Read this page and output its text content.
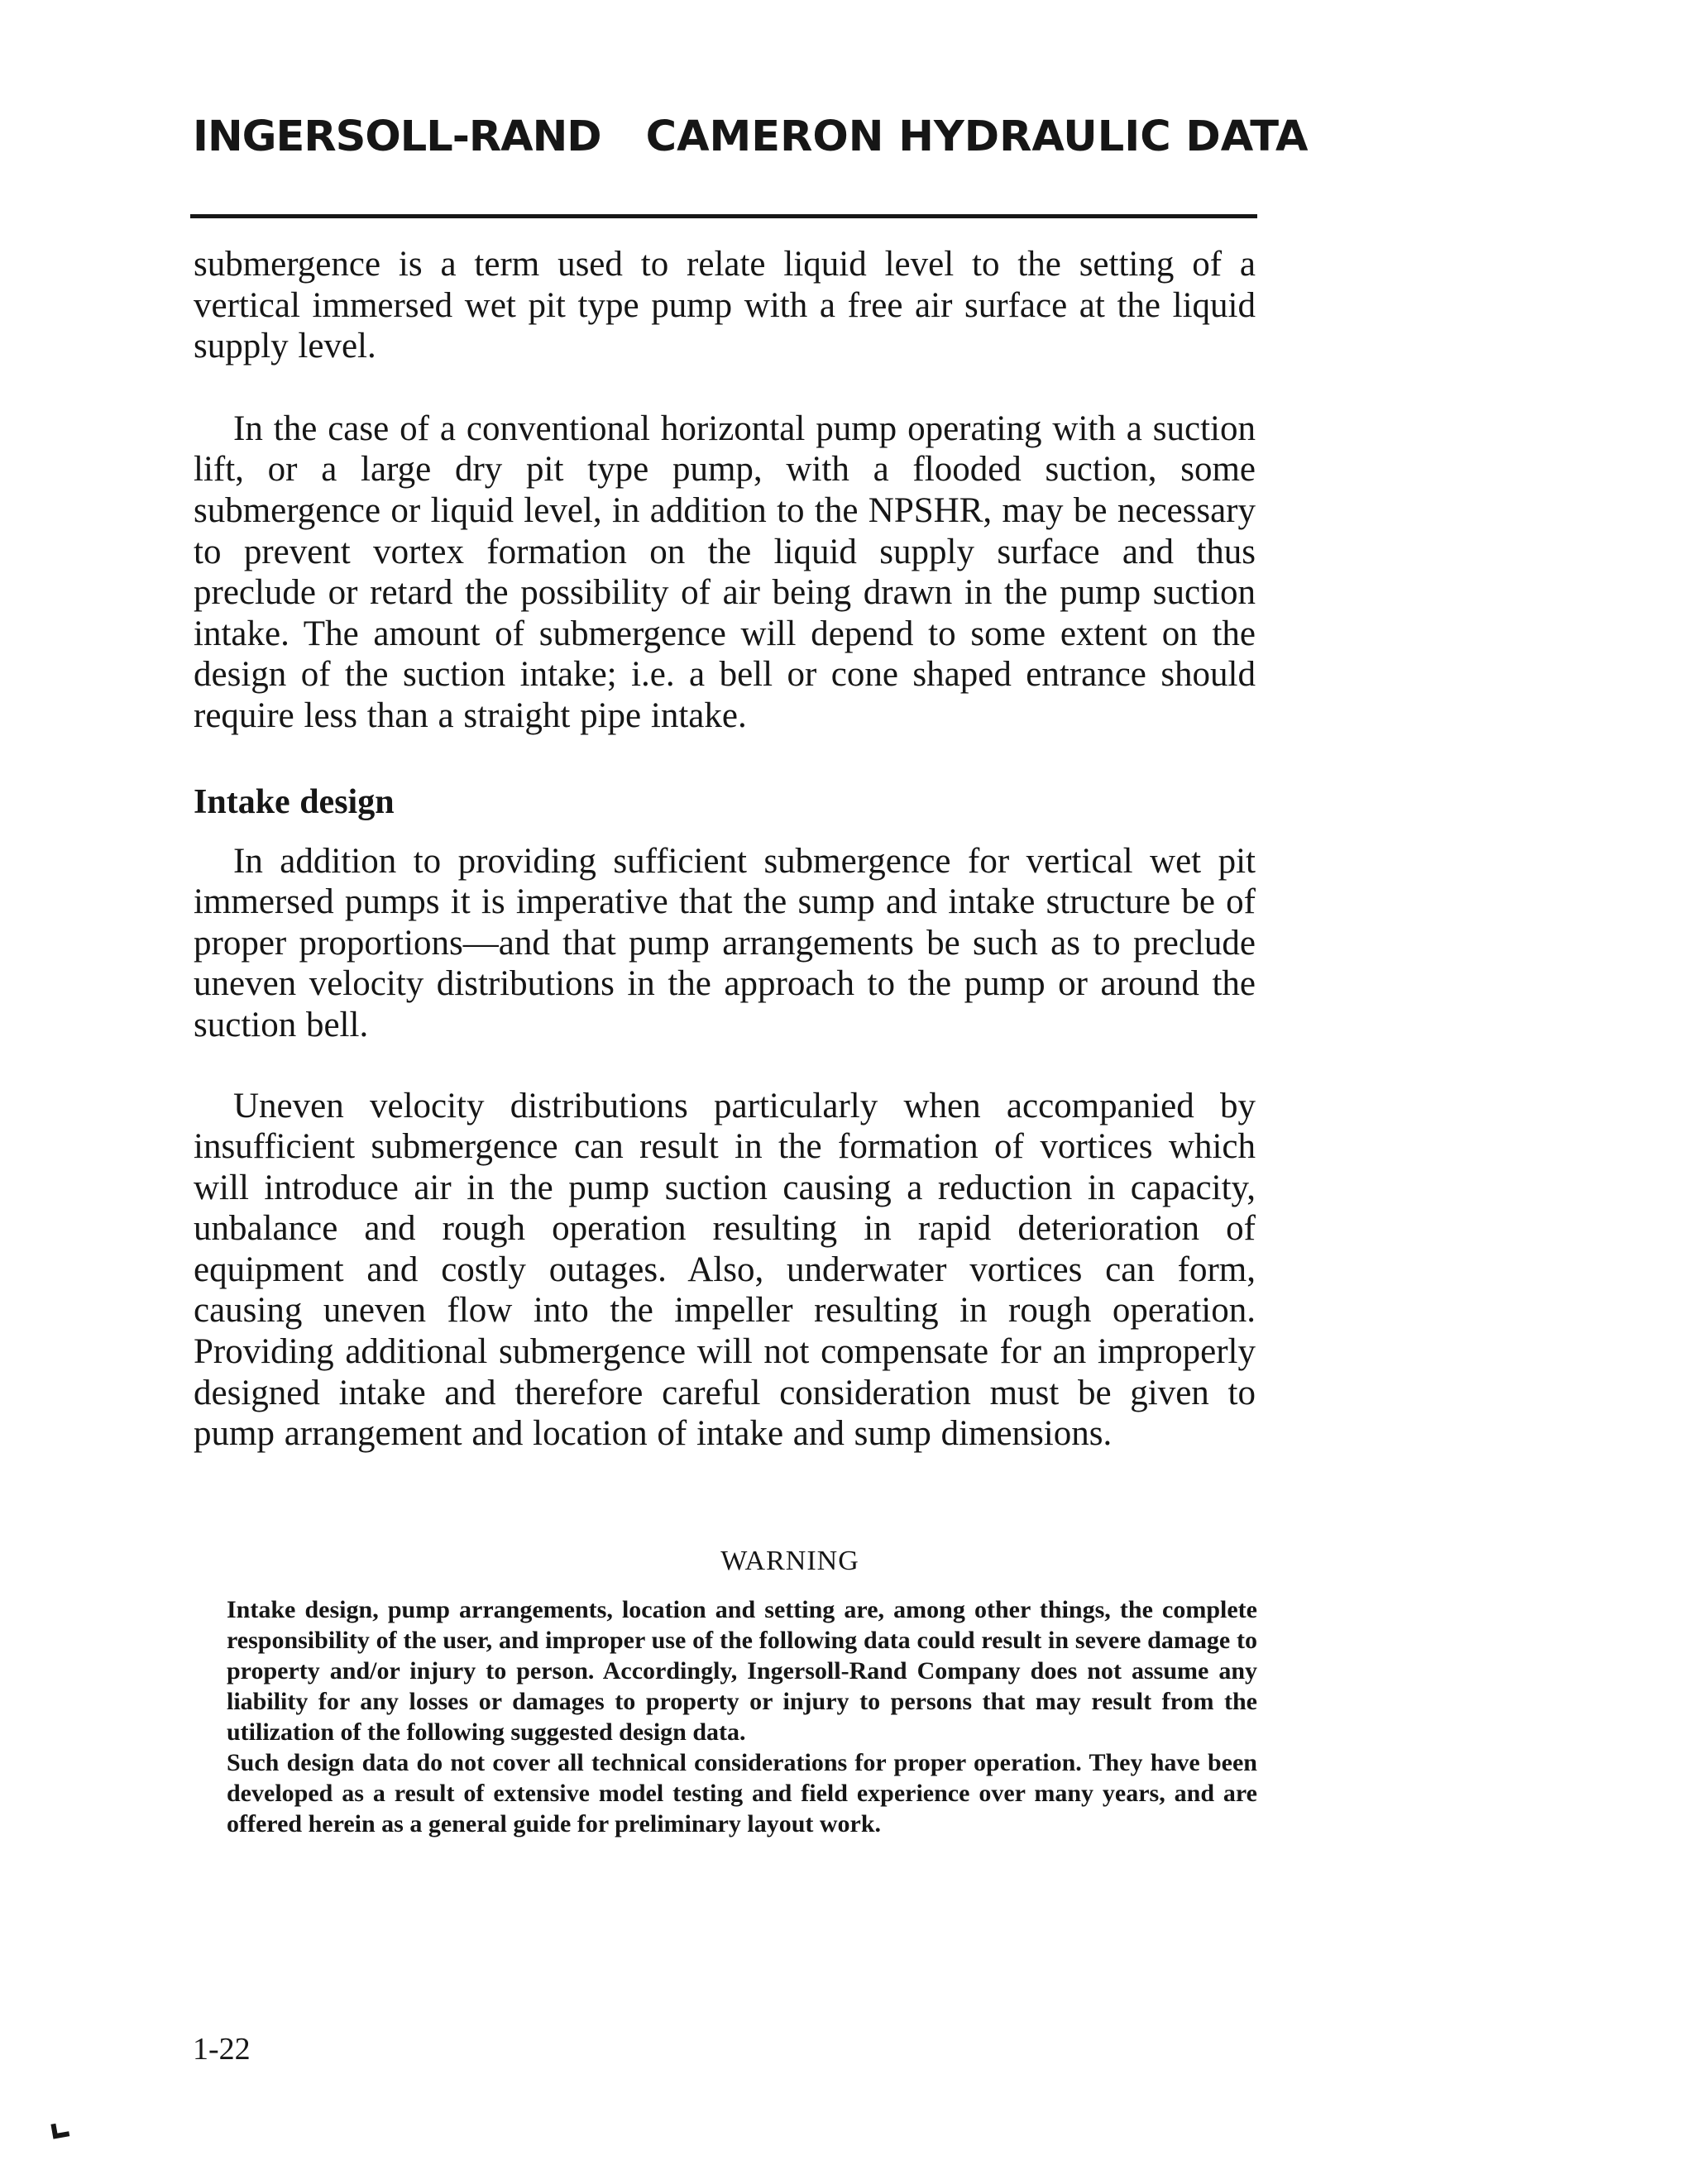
INGERSOLL-RAND CAMERON HYDRAULIC DATA

submergence is a term used to relate liquid level to the setting of a vertical immersed wet pit type pump with a free air surface at the liquid supply level.

In the case of a conventional horizontal pump operating with a suction lift, or a large dry pit type pump, with a flooded suction, some submergence or liquid level, in addition to the NPSHR, may be necessary to prevent vortex formation on the liquid supply surface and thus preclude or retard the possibility of air being drawn in the pump suction intake. The amount of submergence will depend to some extent on the design of the suction intake; i.e. a bell or cone shaped entrance should require less than a straight pipe intake.

Intake design

In addition to providing sufficient submergence for vertical wet pit immersed pumps it is imperative that the sump and intake structure be of proper proportions—and that pump arrangements be such as to preclude uneven velocity distributions in the approach to the pump or around the suction bell.

Uneven velocity distributions particularly when accompanied by insufficient submergence can result in the formation of vortices which will introduce air in the pump suction causing a reduction in capacity, unbalance and rough operation resulting in rapid deterioration of equipment and costly outages. Also, underwater vortices can form, causing uneven flow into the impeller resulting in rough operation. Providing additional submergence will not compensate for an improperly designed intake and therefore careful consideration must be given to pump arrangement and location of intake and sump dimensions.

WARNING

Intake design, pump arrangements, location and setting are, among other things, the complete responsibility of the user, and improper use of the following data could result in severe damage to property and/or injury to person. Accordingly, Ingersoll-Rand Company does not assume any liability for any losses or damages to property or injury to persons that may result from the utilization of the following suggested design data.

Such design data do not cover all technical considerations for proper operation. They have been developed as a result of extensive model testing and field experience over many years, and are offered herein as a general guide for preliminary layout work.

1-22
